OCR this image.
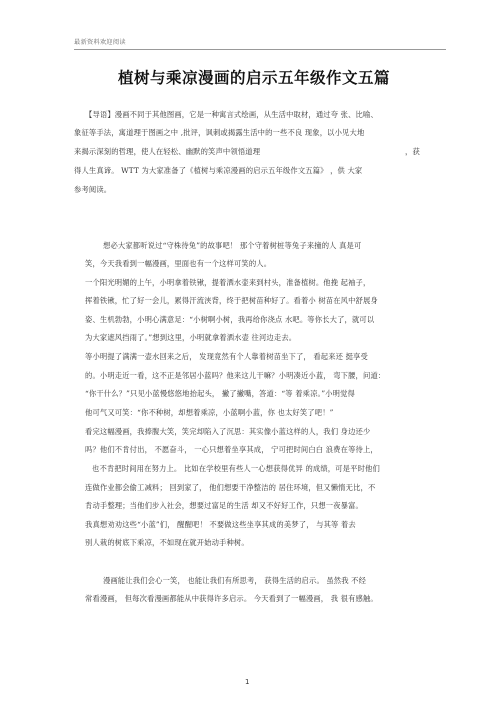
最新资料欢迎阅读
植树与乘凉漫画的启示五年级作文五篇
【导语】漫画不同于其他图画，它是一种寓言式绘画，从生活中取材，通过夸 张、比喻、
象征等手法，寓道理于图画之中 ,批评，讽刺或揭露生活中的一些不良 现象，以小见大地
来揭示深刻的哲理，使人在轻松、幽默的笑声中领悟道理	，获
得人生真谛。 WTT 为大家准备了《植树与乘凉漫画的启示五年级作文五篇》 ，供 大家
参考阅读。
想必大家都听说过“守株待兔”的故事吧！ 那个守着树桩等兔子来撞的人 真是可
笑，今天我看到一幅漫画，里面也有一个这样可笑的人。
一个阳光明媚的上午，小明拿着铁锹，提着洒水壶来到村头，准备植树。他挽 起袖子，
挥着铁锹，忙了好一会儿，累得汗流浃背，终于把树苗种好了。看着小 树苗在风中舒展身
姿、生机勃勃，小明心满意足：“小树啊小树，我再给你浇点 水吧。等你长大了，就可以
为大家遮风挡雨了。”想到这里，小明就拿着洒水壶 往河边走去。
等小明提了满满一壶水回来之后， 发现竟然有个人靠着树苗坐下了， 看起来还 挺享受
的。小明走近一看，这不正是邻居小蓝吗？他来这儿干嘛？小明凑近小蓝， 弯下腰，问道：
“你干什么？”只见小蓝慢悠悠地抬起头， 撇了撇嘴，答道：“等 着乘凉。”小明觉得
他可气又可笑：“你不种树，却想着乘凉，小蓝啊小蓝，你 也太好笑了吧！”
看完这幅漫画，我捧腹大笑，笑完却陷入了沉思：其实像小蓝这样的人，我们 身边还少
吗？他们不肯付出， 不愿奋斗， 一心只想着坐享其成， 宁可把时间白白 浪费在等待上，
也不肯把时间用在努力上。 比如在学校里有些人一心想获得优异 的成绩，可是平时他们
连做作业都会偷工减料； 回到家了， 他们想要干净整洁的 居住环境，但又懒惰无比，不
肯动手整理；当他们步入社会，想要过富足的生活 却又不好好工作，只想一夜暴富。
我真想劝劝这些“小蓝”们， 醒醒吧！ 不要做这些坐享其成的美梦了， 与其等 着去
别人栽的树底下乘凉，不如现在就开始动手种树。
漫画能让我们会心一笑， 也能让我们有所思考， 获得生活的启示。 虽然我 不经
常看漫画， 但每次看漫画都能从中获得许多启示。 今天看到了一幅漫画， 我 很有感触。
1
